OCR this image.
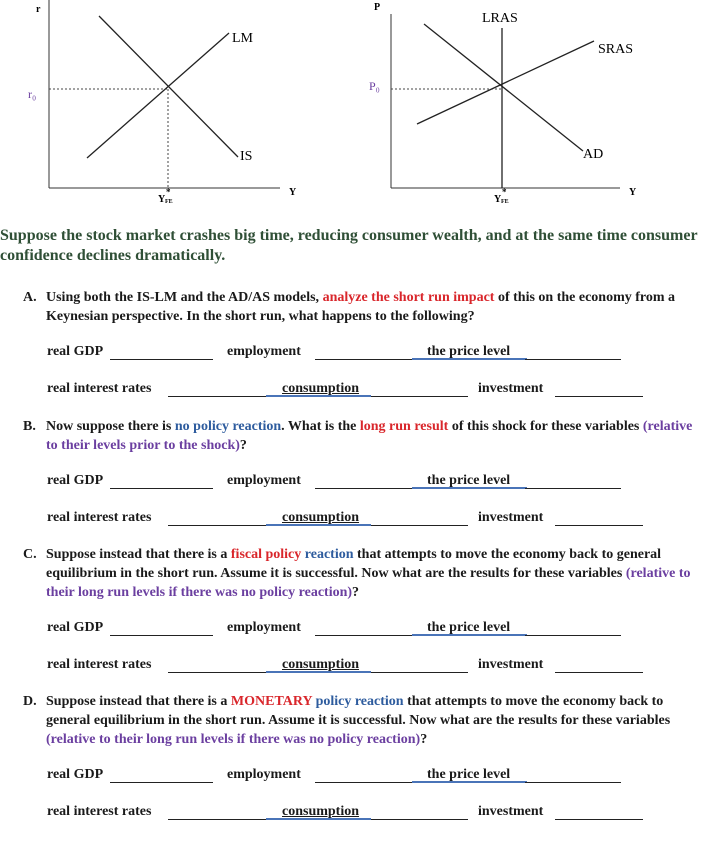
r
r₀
LM
IS
Y
Y
*
FE
P
P₀
LRAS
SRAS
AD
Y
Y
*
FE
Suppose the stock market crashes big time, reducing consumer wealth, and at the same time consumer confidence declines dramatically.
A. Using both the IS-LM and the AD/AS models, analyze the short run impact of this on the economy from a Keynesian perspective. In the short run, what happens to the following?
real GDP	employment	the price level
real interest rates	consumption	investment
B. Now suppose there is no policy reaction. What is the long run result of this shock for these variables (relative to their levels prior to the shock)?
real GDP	employment	the price level
real interest rates	consumption	investment
C. Suppose instead that there is a fiscal policy reaction that attempts to move the economy back to general equilibrium in the short run. Assume it is successful. Now what are the results for these variables (relative to their long run levels if there was no policy reaction)?
real GDP	employment	the price level
real interest rates	consumption	investment
D. Suppose instead that there is a MONETARY policy reaction that attempts to move the economy back to general equilibrium in the short run. Assume it is successful. Now what are the results for these variables (relative to their long run levels if there was no policy reaction)?
real GDP	employment	the price level
real interest rates	consumption	investment
